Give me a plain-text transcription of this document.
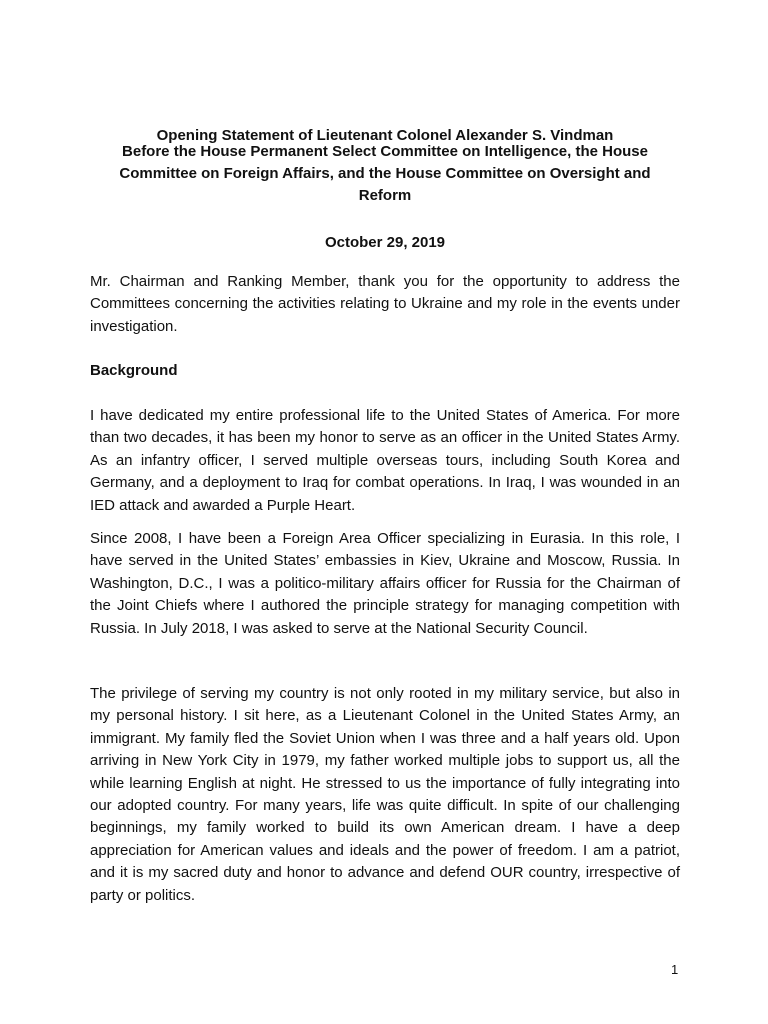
Opening Statement of Lieutenant Colonel Alexander S. Vindman
Before the House Permanent Select Committee on Intelligence, the House Committee on Foreign Affairs, and the House Committee on Oversight and Reform
October 29, 2019

Mr. Chairman and Ranking Member, thank you for the opportunity to address the Committees concerning the activities relating to Ukraine and my role in the events under investigation.

Background

I have dedicated my entire professional life to the United States of America. For more than two decades, it has been my honor to serve as an officer in the United States Army. As an infantry officer, I served multiple overseas tours, including South Korea and Germany, and a deployment to Iraq for combat operations. In Iraq, I was wounded in an IED attack and awarded a Purple Heart.

Since 2008, I have been a Foreign Area Officer specializing in Eurasia. In this role, I have served in the United States’ embassies in Kiev, Ukraine and Moscow, Russia. In Washington, D.C., I was a politico-military affairs officer for Russia for the Chairman of the Joint Chiefs where I authored the principle strategy for managing competition with Russia. In July 2018, I was asked to serve at the National Security Council.

The privilege of serving my country is not only rooted in my military service, but also in my personal history. I sit here, as a Lieutenant Colonel in the United States Army, an immigrant. My family fled the Soviet Union when I was three and a half years old. Upon arriving in New York City in 1979, my father worked multiple jobs to support us, all the while learning English at night. He stressed to us the importance of fully integrating into our adopted country. For many years, life was quite difficult. In spite of our challenging beginnings, my family worked to build its own American dream. I have a deep appreciation for American values and ideals and the power of freedom. I am a patriot, and it is my sacred duty and honor to advance and defend OUR country, irrespective of party or politics.

1
